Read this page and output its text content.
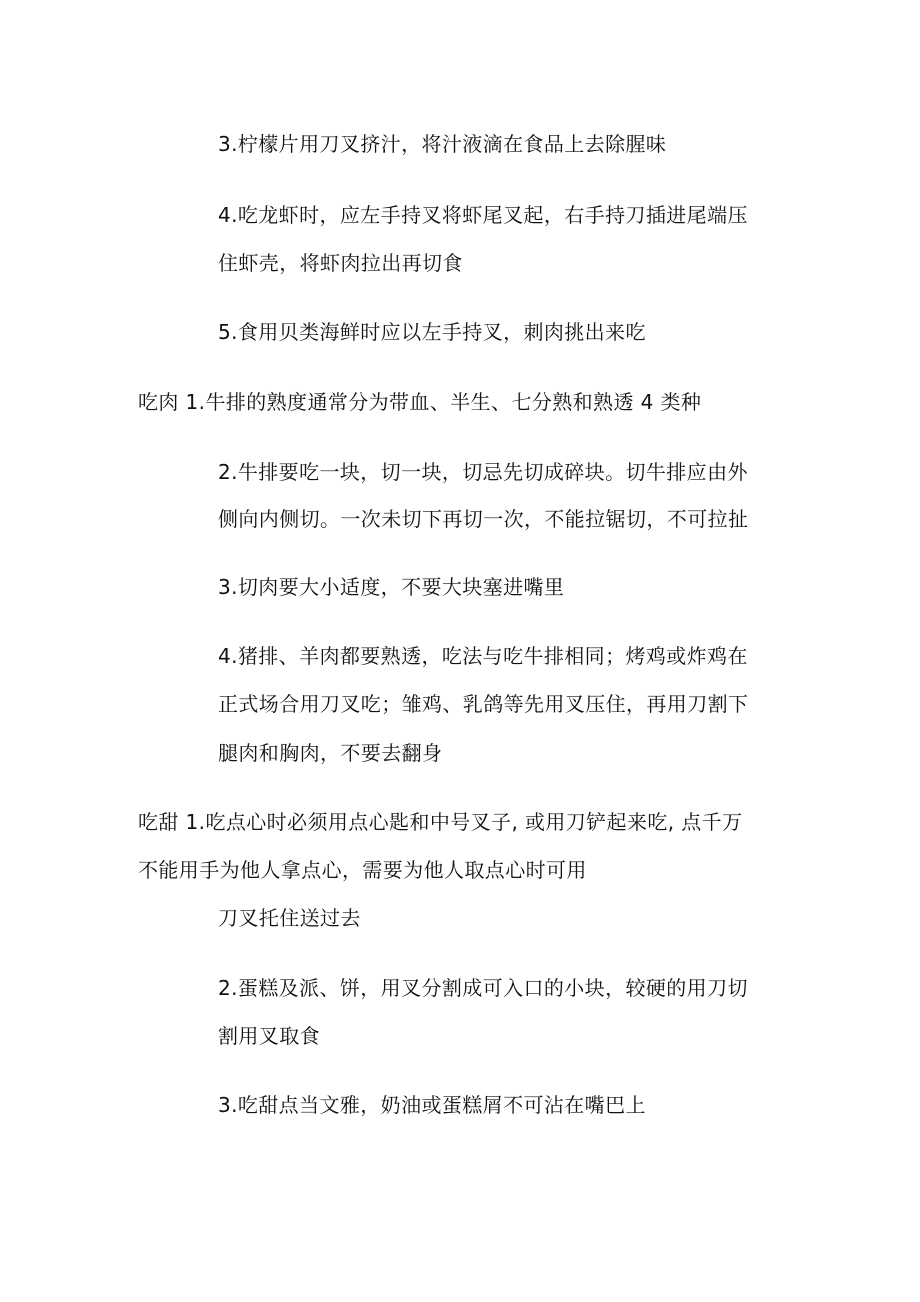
3.柠檬片用刀叉挤汁，将汁液滴在食品上去除腥味
4.吃龙虾时，应左手持叉将虾尾叉起，右手持刀插进尾端压
住虾壳，将虾肉拉出再切食
5.食用贝类海鲜时应以左手持叉，刺肉挑出来吃
吃肉 1.牛排的熟度通常分为带血、半生、七分熟和熟透 4 类种
2.牛排要吃一块，切一块，切忌先切成碎块。切牛排应由外
侧向内侧切。一次未切下再切一次，不能拉锯切，不可拉扯
3.切肉要大小适度，不要大块塞进嘴里
4.猪排、羊肉都要熟透，吃法与吃牛排相同；烤鸡或炸鸡在
正式场合用刀叉吃；雏鸡、乳鸽等先用叉压住，再用刀割下
腿肉和胸肉，不要去翻身
吃甜 1.吃点心时必须用点心匙和中号叉子, 或用刀铲起来吃, 点千万
不能用手为他人拿点心，需要为他人取点心时可用
刀叉托住送过去
2.蛋糕及派、饼，用叉分割成可入口的小块，较硬的用刀切
割用叉取食
3.吃甜点当文雅，奶油或蛋糕屑不可沾在嘴巴上
